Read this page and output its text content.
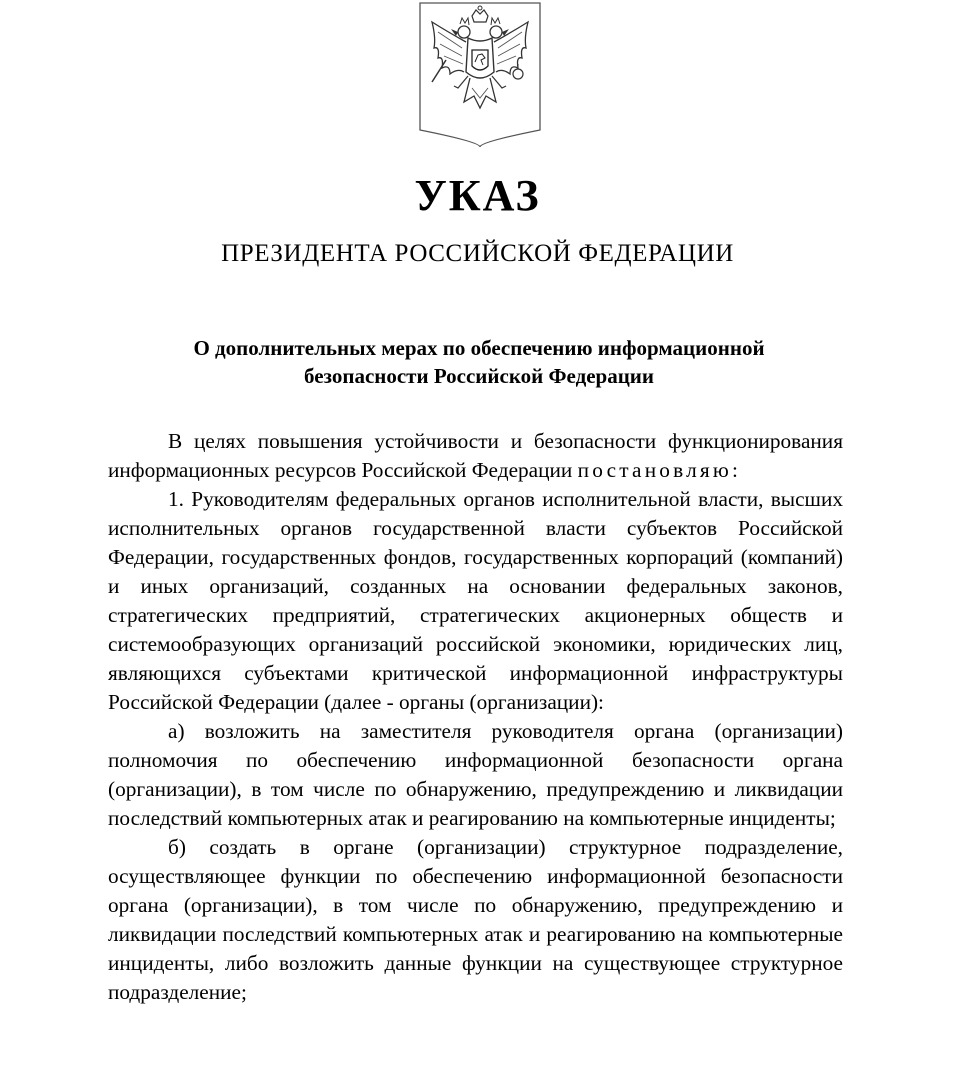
УКАЗ
ПРЕЗИДЕНТА РОССИЙСКОЙ ФЕДЕРАЦИИ
О дополнительных мерах по обеспечению информационной
безопасности Российской Федерации

В целях повышения устойчивости и безопасности функционирования информационных ресурсов Российской Федерации постановляю:

1. Руководителям федеральных органов исполнительной власти, высших исполнительных органов государственной власти субъектов Российской Федерации, государственных фондов, государственных корпораций (компаний) и иных организаций, созданных на основании федеральных законов, стратегических предприятий, стратегических акционерных обществ и системообразующих организаций российской экономики, юридических лиц, являющихся субъектами критической информационной инфраструктуры Российской Федерации (далее - органы (организации):

а) возложить на заместителя руководителя органа (организации) полномочия по обеспечению информационной безопасности органа (организации), в том числе по обнаружению, предупреждению и ликвидации последствий компьютерных атак и реагированию на компьютерные инциденты;

б) создать в органе (организации) структурное подразделение, осуществляющее функции по обеспечению информационной безопасности органа (организации), в том числе по обнаружению, предупреждению и ликвидации последствий компьютерных атак и реагированию на компьютерные инциденты, либо возложить данные функции на существующее структурное подразделение;
